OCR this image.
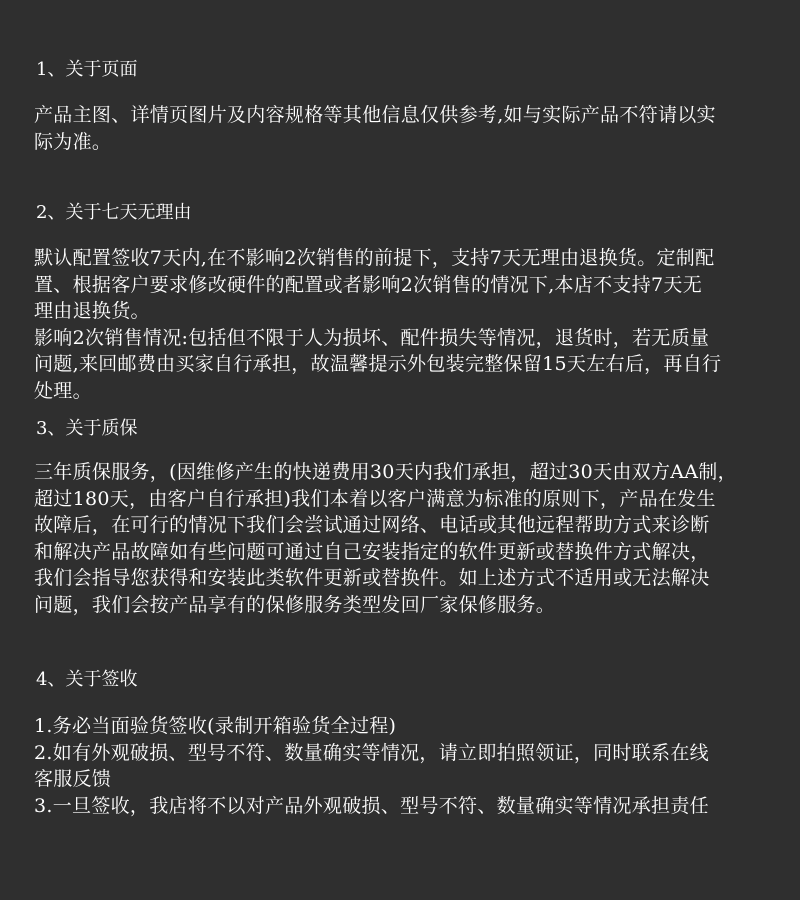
1、关于页面
产品主图、详情页图片及内容规格等其他信息仅供参考,如与实际产品不符请以实
际为准。
2、关于七天无理由
默认配置签收7天内,在不影响2次销售的前提下，支持7天无理由退换货。定制配
置、根据客户要求修改硬件的配置或者影响2次销售的情况下,本店不支持7天无
理由退换货。
影响2次销售情况:包括但不限于人为损坏、配件损失等情况，退货时，若无质量
问题,来回邮费由买家自行承担，故温馨提示外包装完整保留15天左右后，再自行
处理。
3、关于质保
三年质保服务，(因维修产生的快递费用30天内我们承担，超过30天由双方AA制，
超过180天，由客户自行承担)我们本着以客户满意为标准的原则下，产品在发生
故障后，在可行的情况下我们会尝试通过网络、电话或其他远程帮助方式来诊断
和解决产品故障如有些问题可通过自己安装指定的软件更新或替换件方式解决，
我们会指导您获得和安装此类软件更新或替换件。如上述方式不适用或无法解决
问题，我们会按产品享有的保修服务类型发回厂家保修服务。
4、关于签收
1.务必当面验货签收(录制开箱验货全过程)
2.如有外观破损、型号不符、数量确实等情况，请立即拍照领证，同时联系在线
客服反馈
3.一旦签收，我店将不以对产品外观破损、型号不符、数量确实等情况承担责任
